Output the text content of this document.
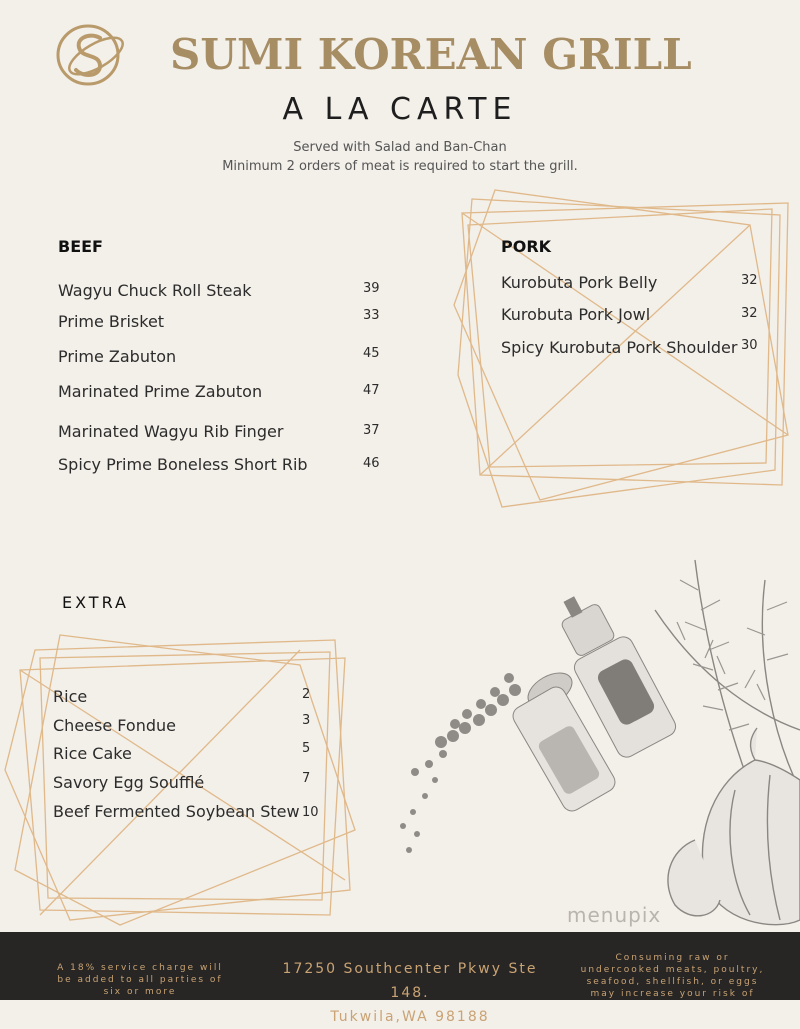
SUMI KOREAN GRILL
A LA CARTE
Served with Salad and Ban-Chan
Minimum 2 orders of meat is required to start the grill.
BEEF
Wagyu Chuck Roll Steak	39
Prime Brisket	33
Prime Zabuton	45
Marinated Prime Zabuton	47
Marinated Wagyu Rib Finger	37
Spicy Prime Boneless Short Rib	46
PORK
Kurobuta Pork Belly	32
Kurobuta Pork Jowl	32
Spicy Kurobuta Pork Shoulder 30
EXTRA
Rice	2
Cheese Fondue	3
Rice Cake	5
Savory Egg Soufflé	7
Beef Fermented Soybean Stew 10
menupix
A 18% service charge will
be added to all parties of
six or more
17250 Southcenter Pkwy Ste 148.
Tukwila,WA 98188
Consuming raw or
undercooked meats, poultry,
seafood, shellfish, or eggs
may increase your risk of
